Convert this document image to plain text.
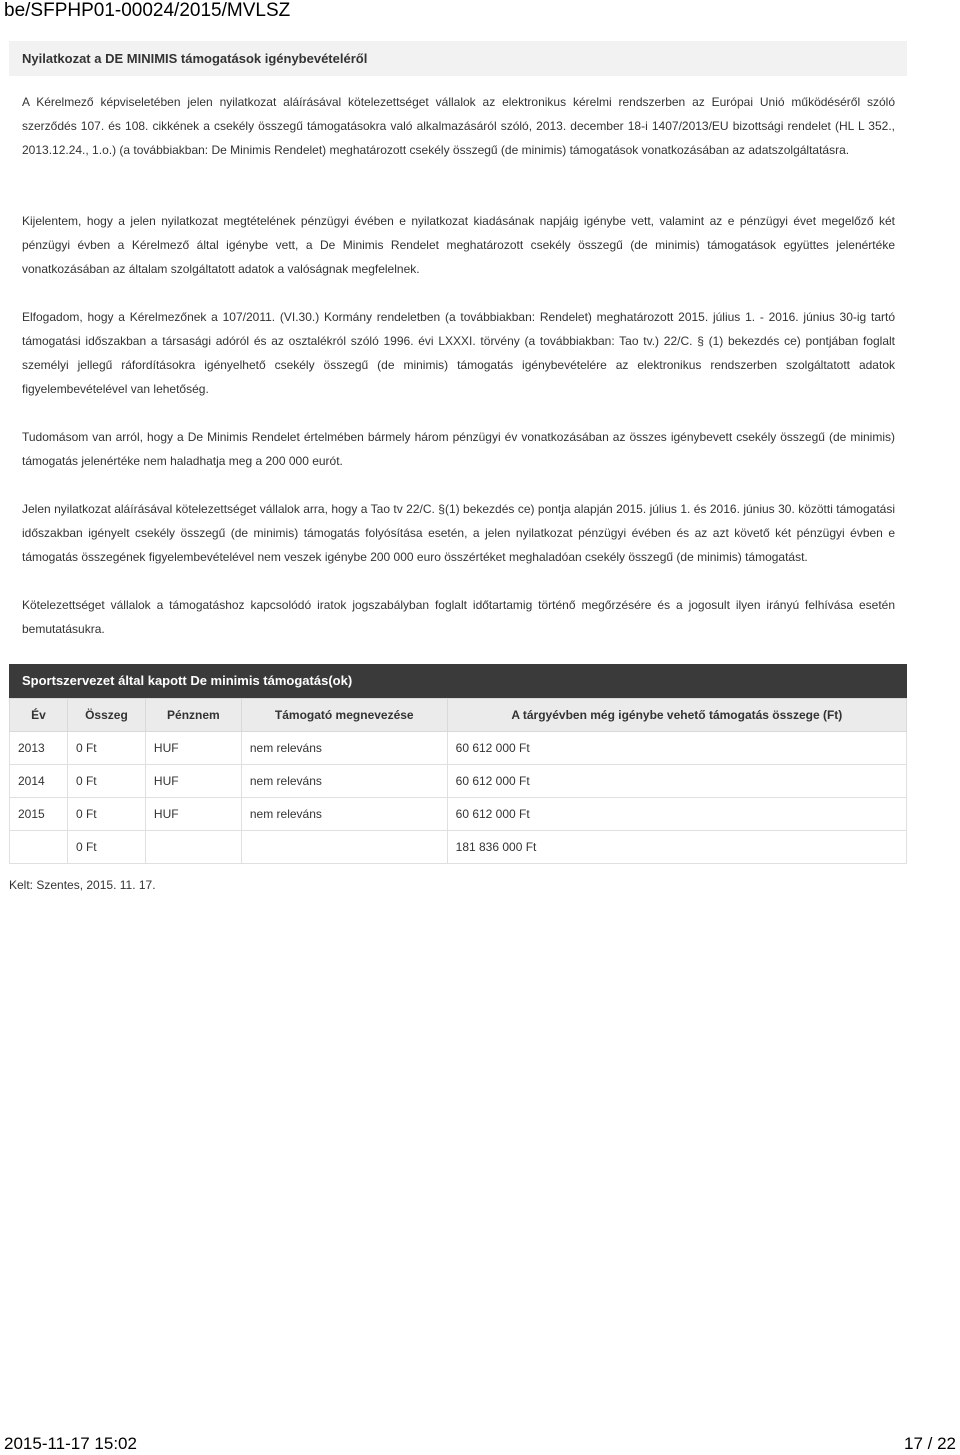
be/SFPHP01-00024/2015/MVLSZ
Nyilatkozat a DE MINIMIS támogatások igénybevételéről

A Kérelmező képviseletében jelen nyilatkozat aláírásával kötelezettséget vállalok az elektronikus kérelmi rendszerben az Európai Unió működéséről szóló szerződés 107. és 108. cikkének a csekély összegű támogatásokra való alkalmazásáról szóló, 2013. december 18-i 1407/2013/EU bizottsági rendelet (HL L 352., 2013.12.24., 1.o.) (a továbbiakban: De Minimis Rendelet) meghatározott csekély összegű (de minimis) támogatások vonatkozásában az adatszolgáltatásra.

Kijelentem, hogy a jelen nyilatkozat megtételének pénzügyi évében e nyilatkozat kiadásának napjáig igénybe vett, valamint az e pénzügyi évet megelőző két pénzügyi évben a Kérelmező által igénybe vett, a De Minimis Rendelet meghatározott csekély összegű (de minimis) támogatások együttes jelenértéke vonatkozásában az általam szolgáltatott adatok a valóságnak megfelelnek.

Elfogadom, hogy a Kérelmezőnek a 107/2011. (VI.30.) Kormány rendeletben (a továbbiakban: Rendelet) meghatározott 2015. július 1. - 2016. június 30-ig tartó támogatási időszakban a társasági adóról és az osztalékról szóló 1996. évi LXXXI. törvény (a továbbiakban: Tao tv.) 22/C. § (1) bekezdés ce) pontjában foglalt személyi jellegű ráfordításokra igényelhető csekély összegű (de minimis) támogatás igénybevételére az elektronikus rendszerben szolgáltatott adatok figyelembevételével van lehetőség.

Tudomásom van arról, hogy a De Minimis Rendelet értelmében bármely három pénzügyi év vonatkozásában az összes igénybevett csekély összegű (de minimis) támogatás jelenértéke nem haladhatja meg a 200 000 eurót.

Jelen nyilatkozat aláírásával kötelezettséget vállalok arra, hogy a Tao tv 22/C. §(1) bekezdés ce) pontja alapján 2015. július 1. és 2016. június 30. közötti támogatási időszakban igényelt csekély összegű (de minimis) támogatás folyósítása esetén, a jelen nyilatkozat pénzügyi évében és az azt követő két pénzügyi évben e támogatás összegének figyelembevételével nem veszek igénybe 200 000 euro összértéket meghaladóan csekély összegű (de minimis) támogatást.

Kötelezettséget vállalok a támogatáshoz kapcsolódó iratok jogszabályban foglalt időtartamig történő megőrzésére és a jogosult ilyen irányú felhívása esetén bemutatásukra.

Sportszervezet által kapott De minimis támogatás(ok)
Év	Összeg	Pénznem	Támogató megnevezése	A tárgyévben még igénybe vehető támogatás összege (Ft)
2013	0 Ft	HUF	nem releváns	60 612 000 Ft
2014	0 Ft	HUF	nem releváns	60 612 000 Ft
2015	0 Ft	HUF	nem releváns	60 612 000 Ft
	0 Ft			181 836 000 Ft
Kelt: Szentes, 2015. 11. 17.
2015-11-17 15:02	17 / 22
